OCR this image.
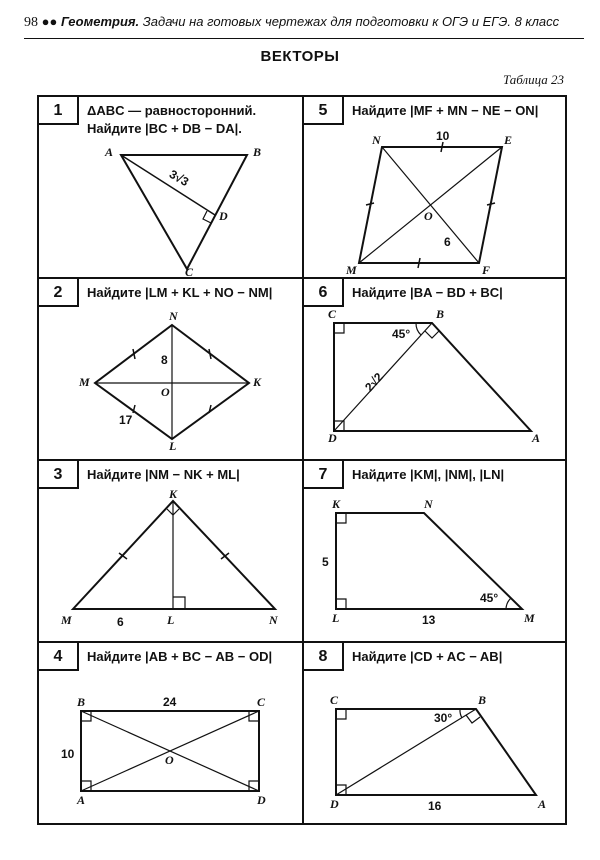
98 ●● Геометрия. Задачи на готовых чертежах для подготовки к ОГЭ и ЕГЭ. 8 класс
ВЕКТОРЫ
Таблица 23
1	ΔABC — равносторонний.
Найдите |BC + DB − DA|.
A	B
C
D
3√3
5	Найдите |MF + MN − NE − ON|
N	E
O
M	F
10
6
2	Найдите |LM + KL + NO − NM|
N
M	K
O
L
8
17
6	Найдите |BA − BD + BC|
C	B
D	A
45°
2√2
3	Найдите |NM − NK + ML|
K
M	L	N
6
7	Найдите |KM|, |NM|, |LN|
K	N
L	M
5
13
45°
4	Найдите |AB + BC − AB − OD|
B	C
A	D
O
24
10
8	Найдите |CD + AC − AB|
C	B
D	A
30°
16
